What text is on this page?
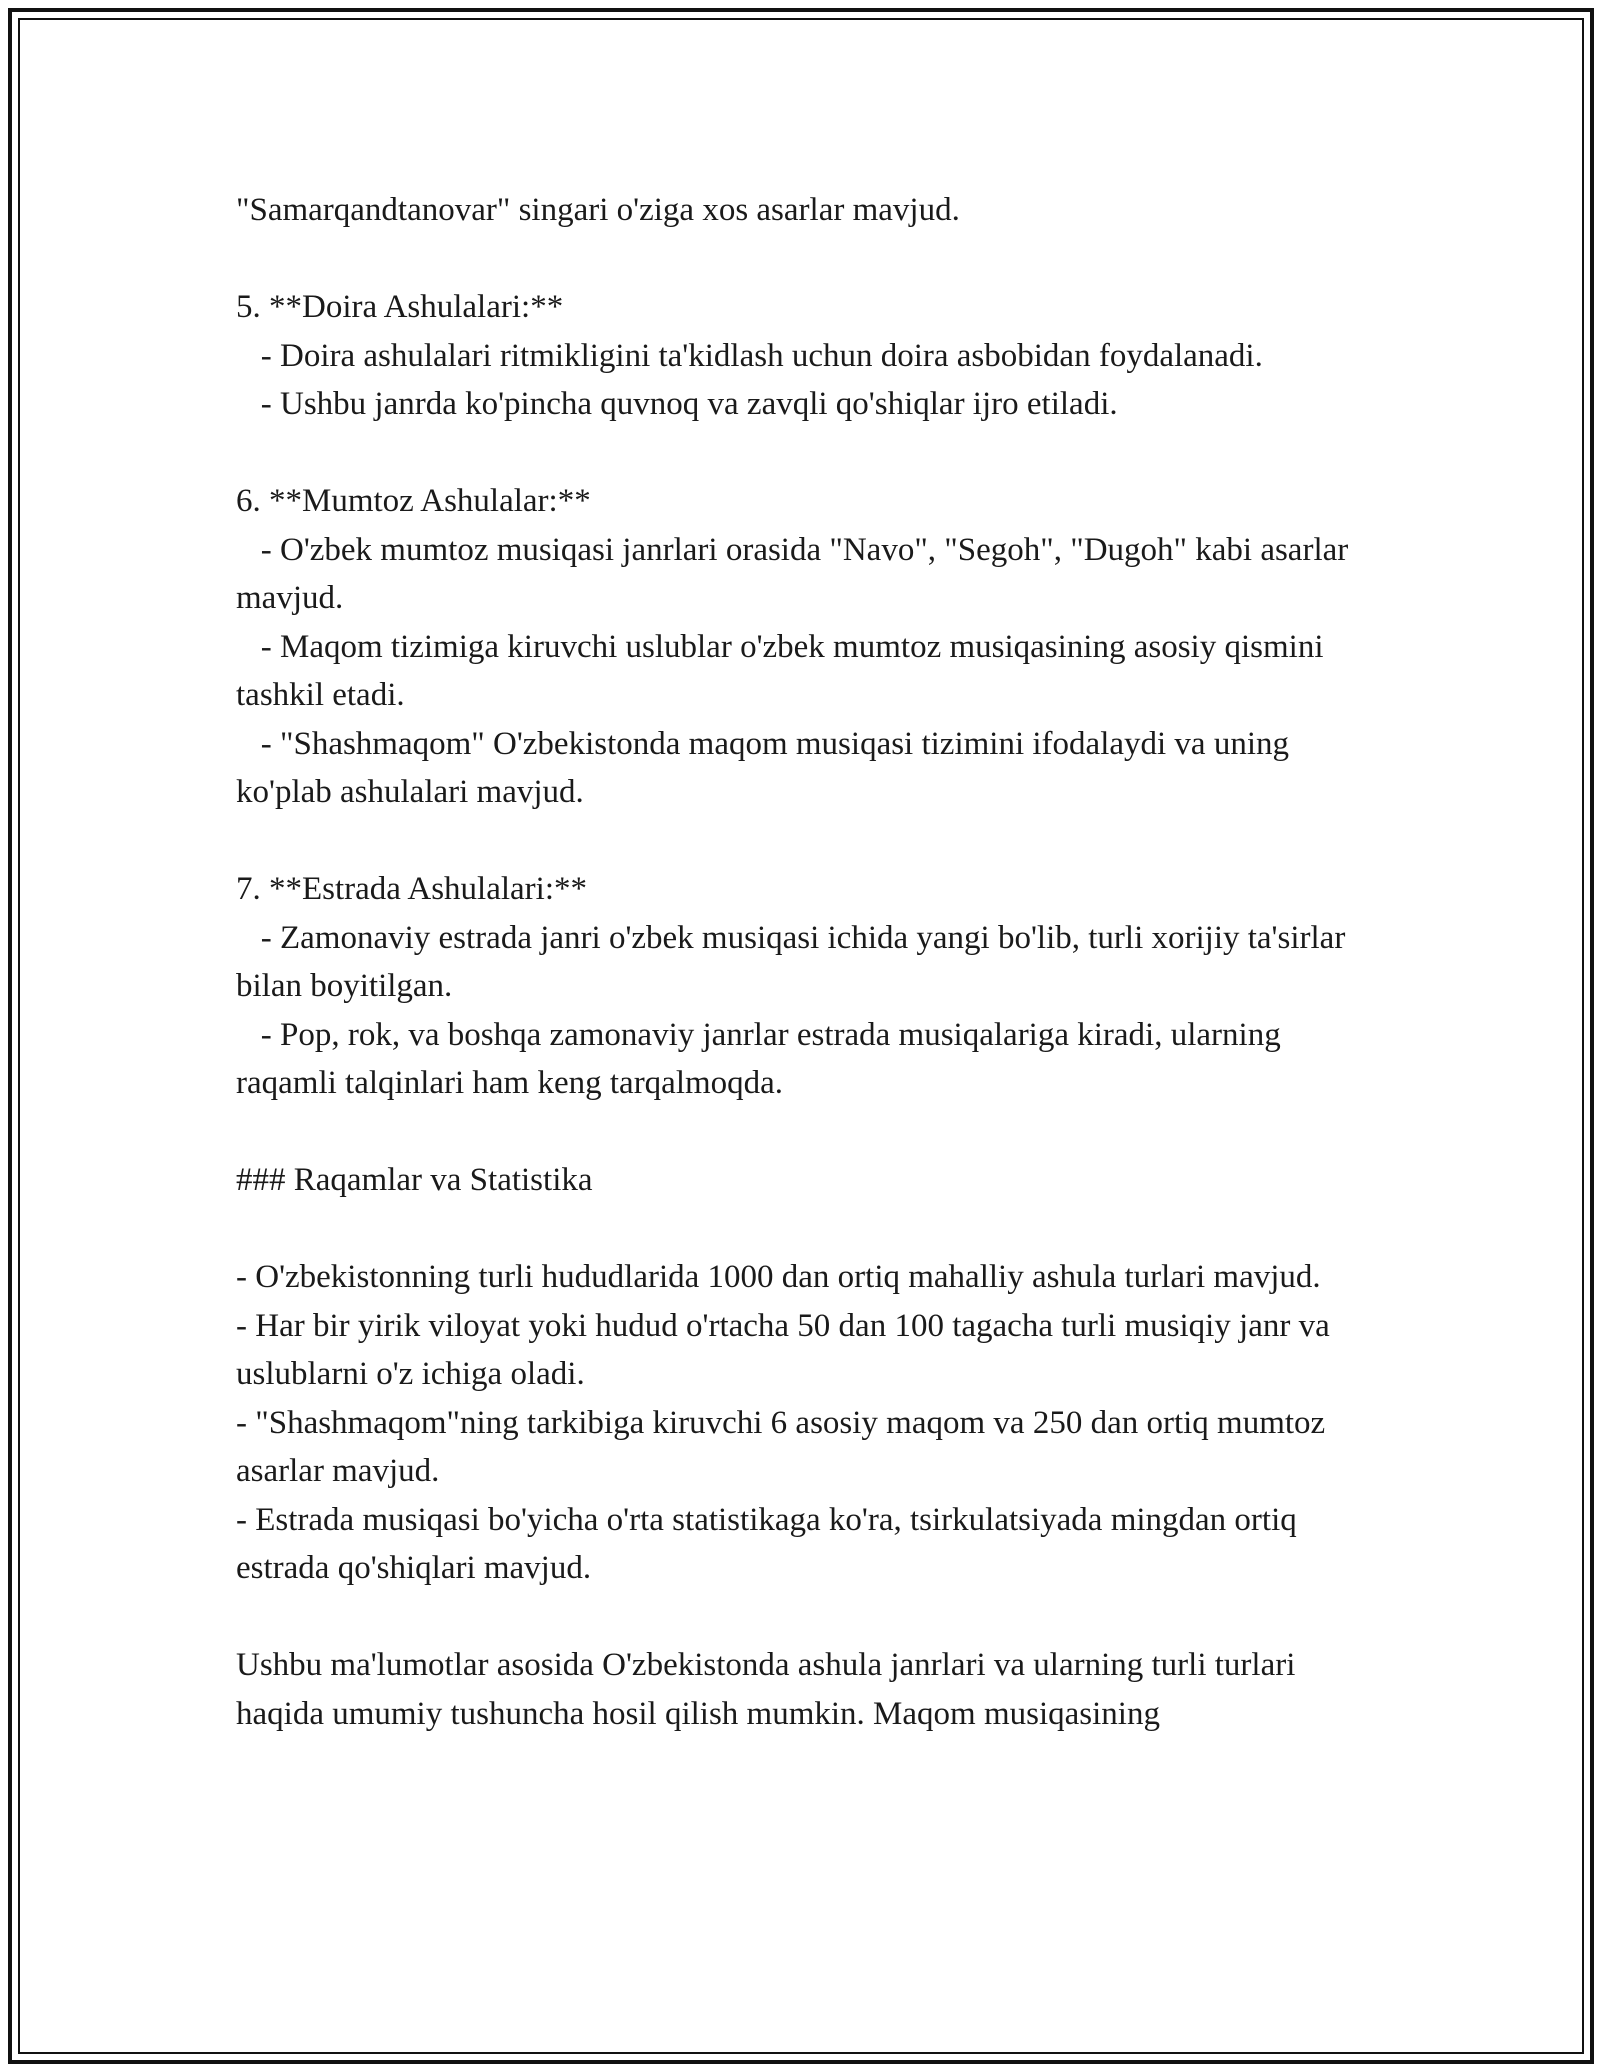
"Samarqandtanovar" singari o'ziga xos asarlar mavjud.

5. **Doira Ashulalari:**

- Doira ashulalari ritmikligini ta'kidlash uchun doira asbobidan foydalanadi.

- Ushbu janrda ko'pincha quvnoq va zavqli qo'shiqlar ijro etiladi.

6. **Mumtoz Ashulalar:**

- O'zbek mumtoz musiqasi janrlari orasida "Navo", "Segoh", "Dugoh" kabi asarlar mavjud.

- Maqom tizimiga kiruvchi uslublar o'zbek mumtoz musiqasining asosiy qismini tashkil etadi.

- "Shashmaqom" O'zbekistonda maqom musiqasi tizimini ifodalaydi va uning ko'plab ashulalari mavjud.

7. **Estrada Ashulalari:**

- Zamonaviy estrada janri o'zbek musiqasi ichida yangi bo'lib, turli xorijiy ta'sirlar bilan boyitilgan.

- Pop, rok, va boshqa zamonaviy janrlar estrada musiqalariga kiradi, ularning raqamli talqinlari ham keng tarqalmoqda.

### Raqamlar va Statistika

- O'zbekistonning turli hududlarida 1000 dan ortiq mahalliy ashula turlari mavjud.

- Har bir yirik viloyat yoki hudud o'rtacha 50 dan 100 tagacha turli musiqiy janr va uslublarni o'z ichiga oladi.

- "Shashmaqom"ning tarkibiga kiruvchi 6 asosiy maqom va 250 dan ortiq mumtoz asarlar mavjud.

- Estrada musiqasi bo'yicha o'rta statistikaga ko'ra, tsirkulatsiyada mingdan ortiq estrada qo'shiqlari mavjud.

Ushbu ma'lumotlar asosida O'zbekistonda ashula janrlari va ularning turli turlari haqida umumiy tushuncha hosil qilish mumkin. Maqom musiqasining
